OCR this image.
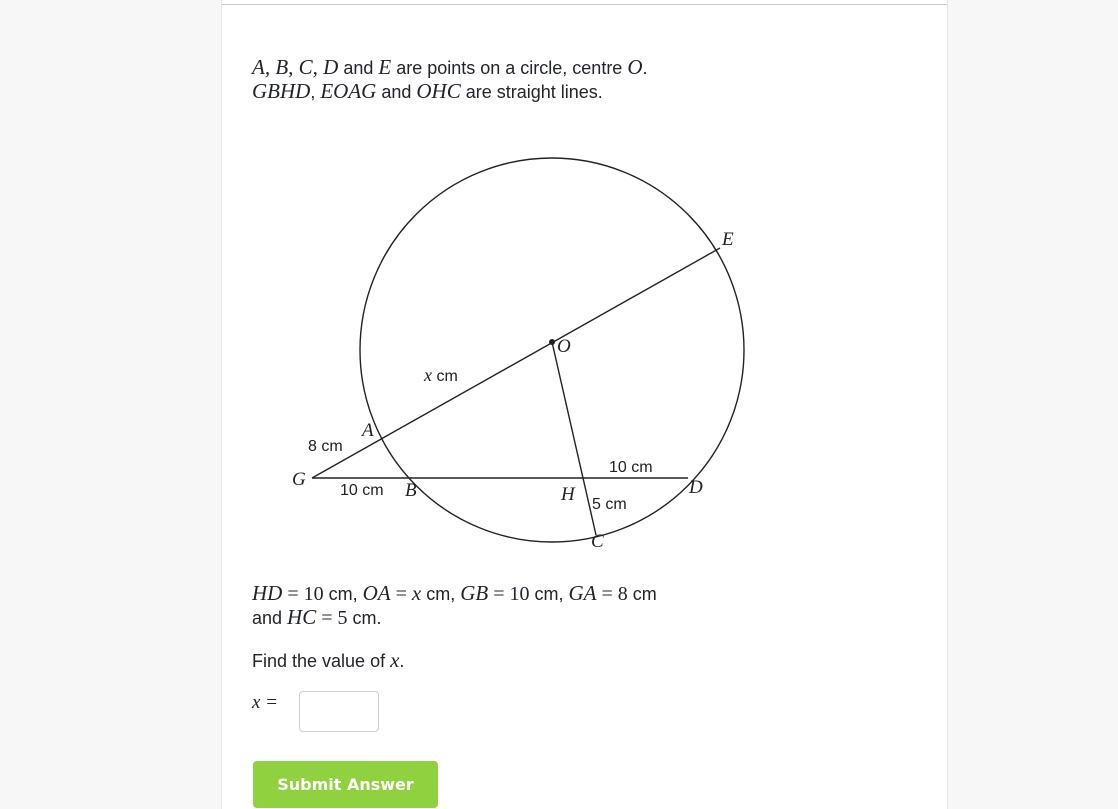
A, B, C, D and E are points on a circle, centre O.
GBHD, EOAG and OHC are straight lines.
E
O
A
G
B	H	D
C
x cm
8 cm
10 cm
10 cm
5 cm
HD = 10 cm, OA = x cm, GB = 10 cm, GA = 8 cm
and HC = 5 cm.
Find the value of x.
x =
Submit Answer
